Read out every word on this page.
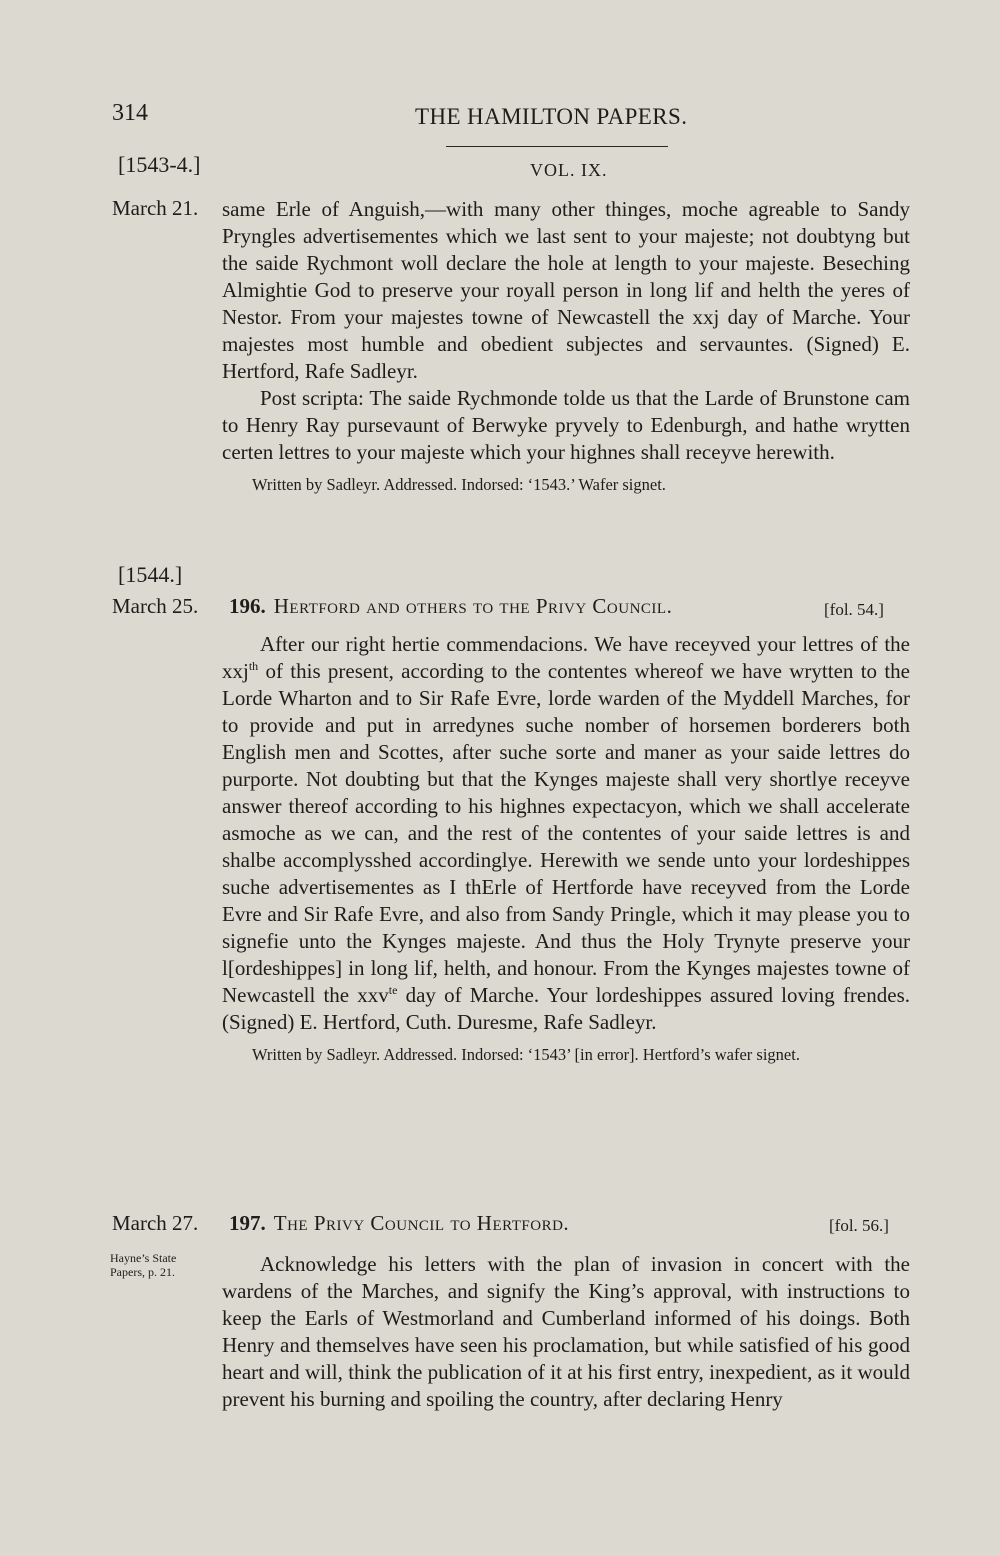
314	THE HAMILTON PAPERS.
[1543-4.]	VOL. IX.
March 21. same Erle of Anguish,—with many other thinges, moche agreable to Sandy Pryngles advertisementes which we last sent to your majeste; not doubtyng but the saide Rychmont woll declare the hole at length to your majeste. Beseching Almightie God to preserve your royall person in long lif and helth the yeres of Nestor. From your majestes towne of Newcastell the xxj day of Marche. Your majestes most humble and obedient subjectes and servauntes. (Signed) E. Hertford, Rafe Sadleyr.

Post scripta: The saide Rychmonde tolde us that the Larde of Brunstone cam to Henry Ray pursevaunt of Berwyke pryvely to Edenburgh, and hathe wrytten certen lettres to your majeste which your highnes shall receyve herewith.

Written by Sadleyr. Addressed. Indorsed: ‘1543.’ Wafer signet.

[1544.]
March 25. 196. Hertford and others to the Privy Council.	[fol. 54.]

After our right hertie commendacions. We have receyved your lettres of the xxj$^{th}$ of this present, according to the contentes whereof we have wrytten to the Lorde Wharton and to Sir Rafe Evre, lorde warden of the Myddell Marches, for to provide and put in arredynes suche nomber of horsemen borderers both English men and Scottes, after suche sorte and maner as your saide lettres do purporte. Not doubting but that the Kynges majeste shall very shortlye receyve answer thereof according to his highnes expectacyon, which we shall accelerate asmoche as we can, and the rest of the contentes of your saide lettres is and shalbe accomplysshed accordinglye. Herewith we sende unto your lordeshippes suche advertisementes as I thErle of Hertforde have receyved from the Lorde Evre and Sir Rafe Evre, and also from Sandy Pringle, which it may please you to signefie unto the Kynges majeste. And thus the Holy Trynyte preserve your l[ordeshippes] in long lif, helth, and honour. From the Kynges majestes towne of Newcastell the xxv$^{te}$ day of Marche. Your lordeshippes assured loving frendes. (Signed) E. Hertford, Cuth. Duresme, Rafe Sadleyr.

Written by Sadleyr. Addressed. Indorsed: ‘1543’ [in error]. Hertford’s wafer signet.

March 27. 197. The Privy Council to Hertford.	[fol. 56.]
Hayne’s State Papers, p. 21.	Acknowledge his letters with the plan of invasion in concert with the wardens of the Marches, and signify the King’s approval, with instructions to keep the Earls of Westmorland and Cumberland informed of his doings. Both Henry and themselves have seen his proclamation, but while satisfied of his good heart and will, think the publication of it at his first entry, inexpedient, as it would prevent his burning and spoiling the country, after declaring Henry
